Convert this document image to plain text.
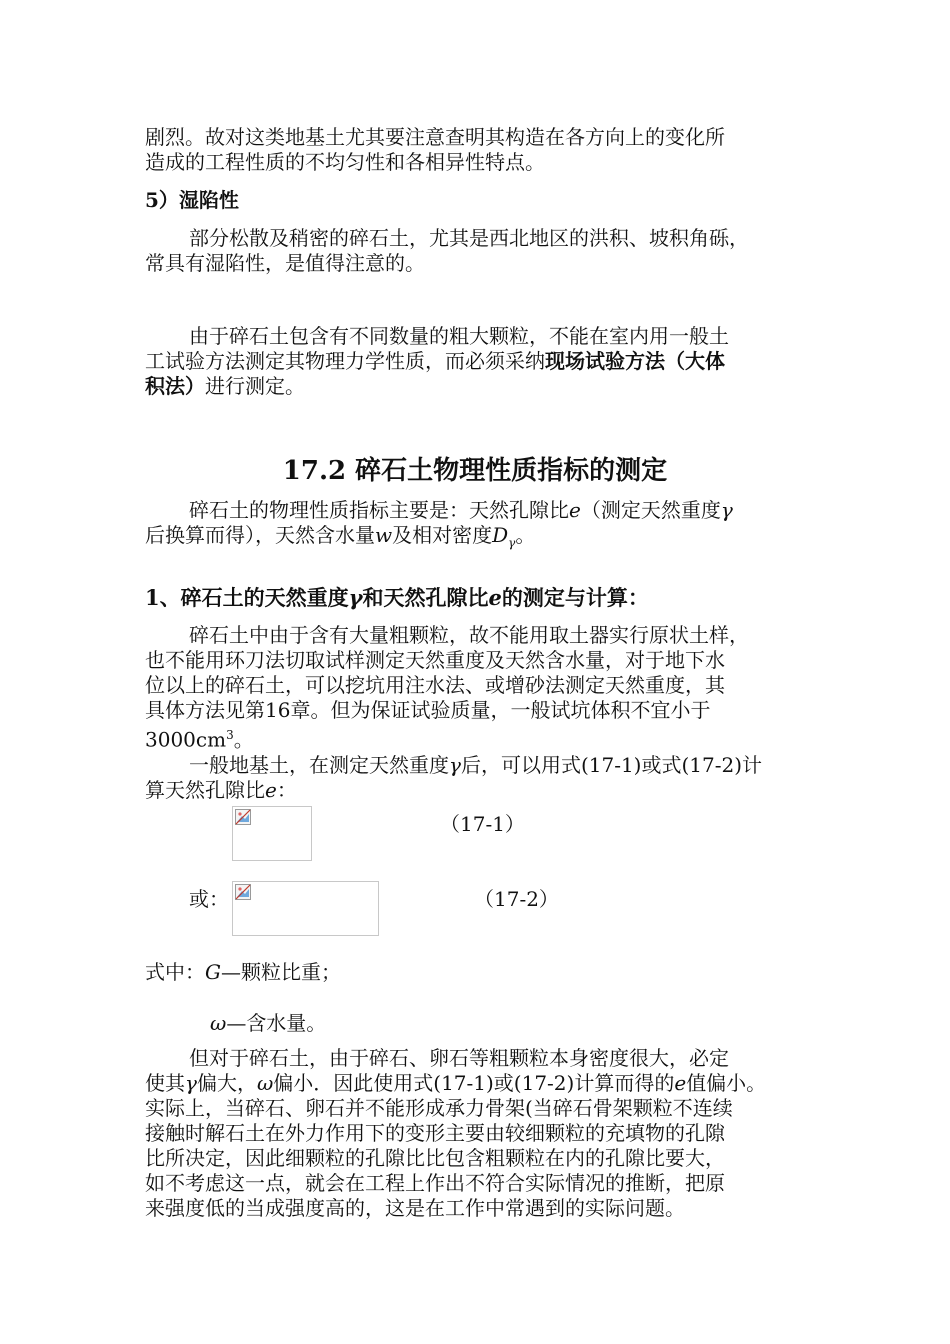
剧烈。故对这类地基土尤其要注意查明其构造在各方向上的变化所

造成的工程性质的不均匀性和各相异性特点。

5）湿陷性

部分松散及稍密的碎石土，尤其是西北地区的洪积、坡积角砾，

常具有湿陷性，是值得注意的。

由于碎石土包含有不同数量的粗大颗粒，不能在室内用一般土

工试验方法测定其物理力学性质，而必须采纳现场试验方法（大体

积法）进行测定。

17.2 碎石土物理性质指标的测定

碎石土的物理性质指标主要是：天然孔隙比e（测定天然重度γ

后换算而得），天然含水量w及相对密度$D_\gamma$。

1、碎石土的天然重度γ和天然孔隙比e的测定与计算：

碎石土中由于含有大量粗颗粒，故不能用取土器实行原状土样，

也不能用环刀法切取试样测定天然重度及天然含水量，对于地下水

位以上的碎石土，可以挖坑用注水法、或增砂法测定天然重度，其

具体方法见第16章。但为保证试验质量，一般试坑体积不宜小于

$3000cm^3$。

一般地基土，在测定天然重度γ后，可以用式(17-1)或式(17-2)计

算天然孔隙比e：

（17-1）
或：	（17-2）
式中：G—颗粒比重；
ω—含水量。

但对于碎石土，由于碎石、卵石等粗颗粒本身密度很大，必定

使其γ偏大，ω偏小．因此使用式(17-1)或(17-2)计算而得的e值偏小。

实际上，当碎石、卵石并不能形成承力骨架(当碎石骨架颗粒不连续

接触时解石土在外力作用下的变形主要由较细颗粒的充填物的孔隙

比所决定，因此细颗粒的孔隙比比包含粗颗粒在内的孔隙比要大，

如不考虑这一点，就会在工程上作出不符合实际情况的推断，把原

来强度低的当成强度高的，这是在工作中常遇到的实际问题。
